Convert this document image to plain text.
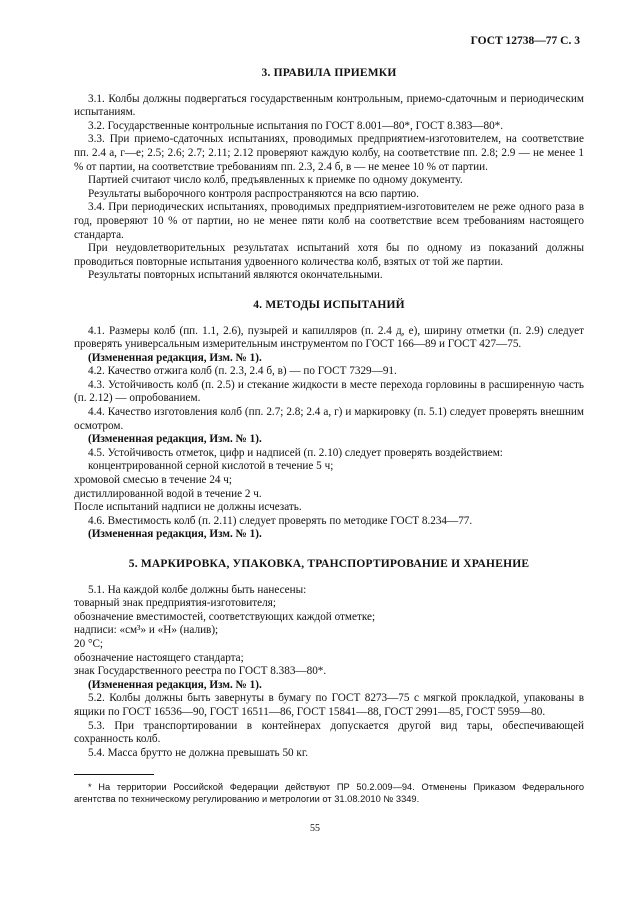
ГОСТ 12738—77 С. 3
3. ПРАВИЛА ПРИЕМКИ

3.1. Колбы должны подвергаться государственным контрольным, приемо-сдаточным и периодическим испытаниям.

3.2. Государственные контрольные испытания по ГОСТ 8.001—80*, ГОСТ 8.383—80*.

3.3. При приемо-сдаточных испытаниях, проводимых предприятием-изготовителем, на соответствие пп. 2.4 а, г—е; 2.5; 2.6; 2.7; 2.11; 2.12 проверяют каждую колбу, на соответствие пп. 2.8; 2.9 — не менее 1 % от партии, на соответствие требованиям пп. 2.3, 2.4 б, в — не менее 10 % от партии.

Партией считают число колб, предъявленных к приемке по одному документу.

Результаты выборочного контроля распространяются на всю партию.

3.4. При периодических испытаниях, проводимых предприятием-изготовителем не реже одного раза в год, проверяют 10 % от партии, но не менее пяти колб на соответствие всем требованиям настоящего стандарта.

При неудовлетворительных результатах испытаний хотя бы по одному из показаний должны проводиться повторные испытания удвоенного количества колб, взятых от той же партии.

Результаты повторных испытаний являются окончательными.

4. МЕТОДЫ ИСПЫТАНИЙ

4.1. Размеры колб (пп. 1.1, 2.6), пузырей и капилляров (п. 2.4 д, е), ширину отметки (п. 2.9) следует проверять универсальным измерительным инструментом по ГОСТ 166—89 и ГОСТ 427—75.

(Измененная редакция, Изм. № 1).

4.2. Качество отжига колб (п. 2.3, 2.4 б, в) — по ГОСТ 7329—91.

4.3. Устойчивость колб (п. 2.5) и стекание жидкости в месте перехода горловины в расширенную часть (п. 2.12) — опробованием.

4.4. Качество изготовления колб (пп. 2.7; 2.8; 2.4 а, г) и маркировку (п. 5.1) следует проверять внешним осмотром.

(Измененная редакция, Изм. № 1).

4.5. Устойчивость отметок, цифр и надписей (п. 2.10) следует проверять воздействием:

концентрированной серной кислотой в течение 5 ч;

хромовой смесью в течение 24 ч;

дистиллированной водой в течение 2 ч.

После испытаний надписи не должны исчезать.

4.6. Вместимость колб (п. 2.11) следует проверять по методике ГОСТ 8.234—77.

(Измененная редакция, Изм. № 1).

5. МАРКИРОВКА, УПАКОВКА, ТРАНСПОРТИРОВАНИЕ И ХРАНЕНИЕ

5.1. На каждой колбе должны быть нанесены:

товарный знак предприятия-изготовителя;

обозначение вместимостей, соответствующих каждой отметке;

надписи: «см³» и «Н» (налив);

20 °С;

обозначение настоящего стандарта;

знак Государственного реестра по ГОСТ 8.383—80*.

(Измененная редакция, Изм. № 1).

5.2. Колбы должны быть завернуты в бумагу по ГОСТ 8273—75 с мягкой прокладкой, упакованы в ящики по ГОСТ 16536—90, ГОСТ 16511—86, ГОСТ 15841—88, ГОСТ 2991—85, ГОСТ 5959—80.

5.3. При транспортировании в контейнерах допускается другой вид тары, обеспечивающей сохранность колб.

5.4. Масса брутто не должна превышать 50 кг.

* На территории Российской Федерации действуют ПР 50.2.009—94. Отменены Приказом Федерального агентства по техническому регулированию и метрологии от 31.08.2010 № 3349.
55
